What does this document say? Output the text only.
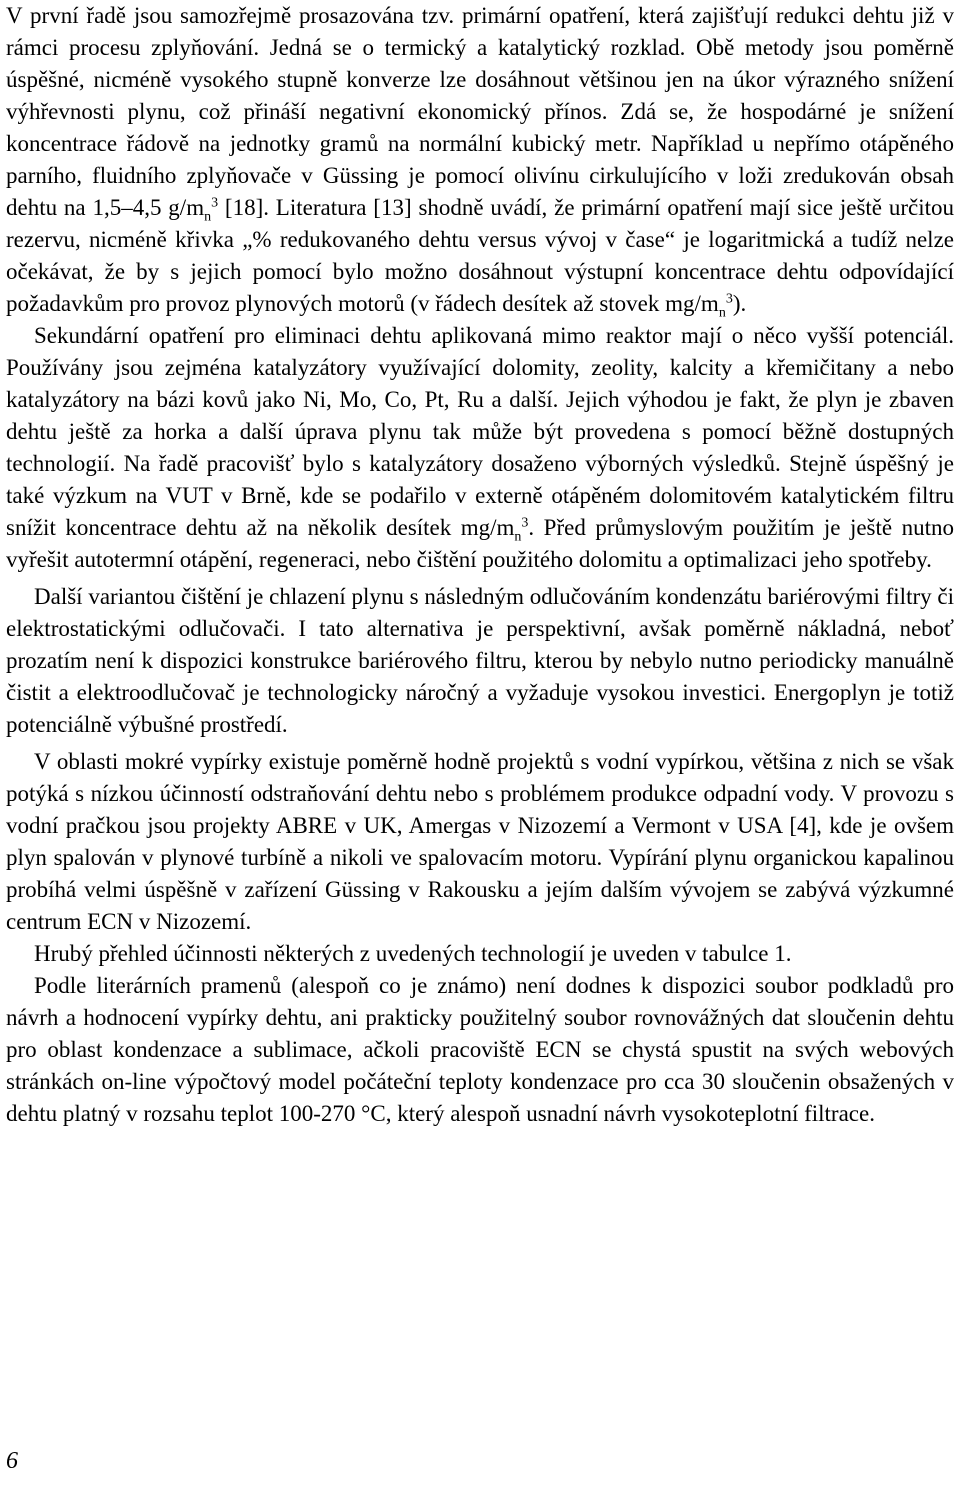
V první řadě jsou samozřejmě prosazována tzv. primární opatření, která zajišťují redukci dehtu již v rámci procesu zplyňování. Jedná se o termický a katalytický rozklad. Obě metody jsou poměrně úspěšné, nicméně vysokého stupně konverze lze dosáhnout většinou jen na úkor výrazného snížení výhřevnosti plynu, což přináší negativní ekonomický přínos. Zdá se, že hospodárné je snížení koncentrace řádově na jednotky gramů na normální kubický metr. Například u nepřímo otápěného parního, fluidního zplyňovače v Güssing je pomocí olivínu cirkulujícího v loži zredukován obsah dehtu na 1,5–4,5 $g/m_n^3$ [18]. Literatura [13] shodně uvádí, že primární opatření mají sice ještě určitou rezervu, nicméně křivka „% redukovaného dehtu versus vývoj v čase“ je logaritmická a tudíž nelze očekávat, že by s jejich pomocí bylo možno dosáhnout výstupní koncentrace dehtu odpovídající požadavkům pro provoz plynových motorů (v řádech desítek až stovek $mg/m_n^3$).

Sekundární opatření pro eliminaci dehtu aplikovaná mimo reaktor mají o něco vyšší potenciál. Používány jsou zejména katalyzátory využívající dolomity, zeolity, kalcity a křemičitany a nebo katalyzátory na bázi kovů jako Ni, Mo, Co, Pt, Ru a další. Jejich výhodou je fakt, že plyn je zbaven dehtu ještě za horka a další úprava plynu tak může být provedena s pomocí běžně dostupných technologií. Na řadě pracovišť bylo s katalyzátory dosaženo výborných výsledků. Stejně úspěšný je také výzkum na VUT v Brně, kde se podařilo v externě otápěném dolomitovém katalytickém filtru snížit koncentrace dehtu až na několik desítek $mg/m_n^3$. Před průmyslovým použitím je ještě nutno vyřešit autotermní otápění, regeneraci, nebo čištění použitého dolomitu a optimalizaci jeho spotřeby.

Další variantou čištění je chlazení plynu s následným odlučováním kondenzátu bariérovými filtry či elektrostatickými odlučovači. I tato alternativa je perspektivní, avšak poměrně nákladná, neboť prozatím není k dispozici konstrukce bariérového filtru, kterou by nebylo nutno periodicky manuálně čistit a elektroodlučovač je technologicky náročný a vyžaduje vysokou investici. Energoplyn je totiž potenciálně výbušné prostředí.

V oblasti mokré vypírky existuje poměrně hodně projektů s vodní vypírkou, většina z nich se však potýká s nízkou účinností odstraňování dehtu nebo s problémem produkce odpadní vody. V provozu s vodní pračkou jsou projekty ABRE v UK, Amergas v Nizozemí a Vermont v USA [4], kde je ovšem plyn spalován v plynové turbíně a nikoli ve spalovacím motoru. Vypírání plynu organickou kapalinou probíhá velmi úspěšně v zařízení Güssing v Rakousku a jejím dalším vývojem se zabývá výzkumné centrum ECN v Nizozemí.

Hrubý přehled účinnosti některých z uvedených technologií je uveden v tabulce 1.

Podle literárních pramenů (alespoň co je známo) není dodnes k dispozici soubor podkladů pro návrh a hodnocení vypírky dehtu, ani prakticky použitelný soubor rovnovážných dat sloučenin dehtu pro oblast kondenzace a sublimace, ačkoli pracoviště ECN se chystá spustit na svých webových stránkách on-line výpočtový model počáteční teploty kondenzace pro cca 30 sloučenin obsažených v dehtu platný v rozsahu teplot 100-270 °C, který alespoň usnadní návrh vysokoteplotní filtrace.

6
